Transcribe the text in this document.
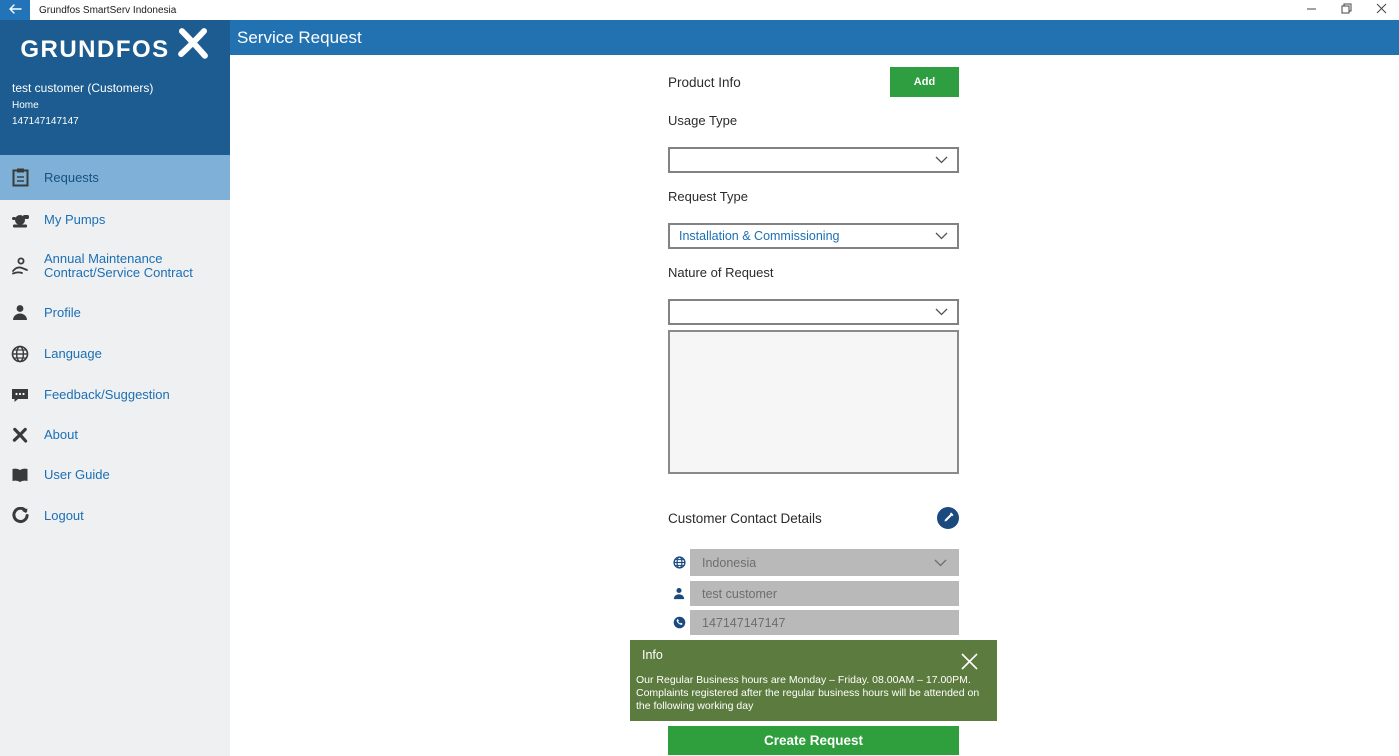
Grundfos SmartServ Indonesia
GRUNDFOS
test customer (Customers)
Home
147147147147
Requests
My Pumps
Annual Maintenance Contract/Service Contract
Profile
Language
Feedback/Suggestion
About
User Guide
Logout
Service Request
Product Info	Add
Usage Type
Request Type
Installation & Commissioning
Nature of Request
Customer Contact Details
Indonesia
test customer
147147147147
Info
Our Regular Business hours are Monday – Friday. 08.00AM – 17.00PM. Complaints registered after the regular business hours will be attended on the following working day
Create Request
